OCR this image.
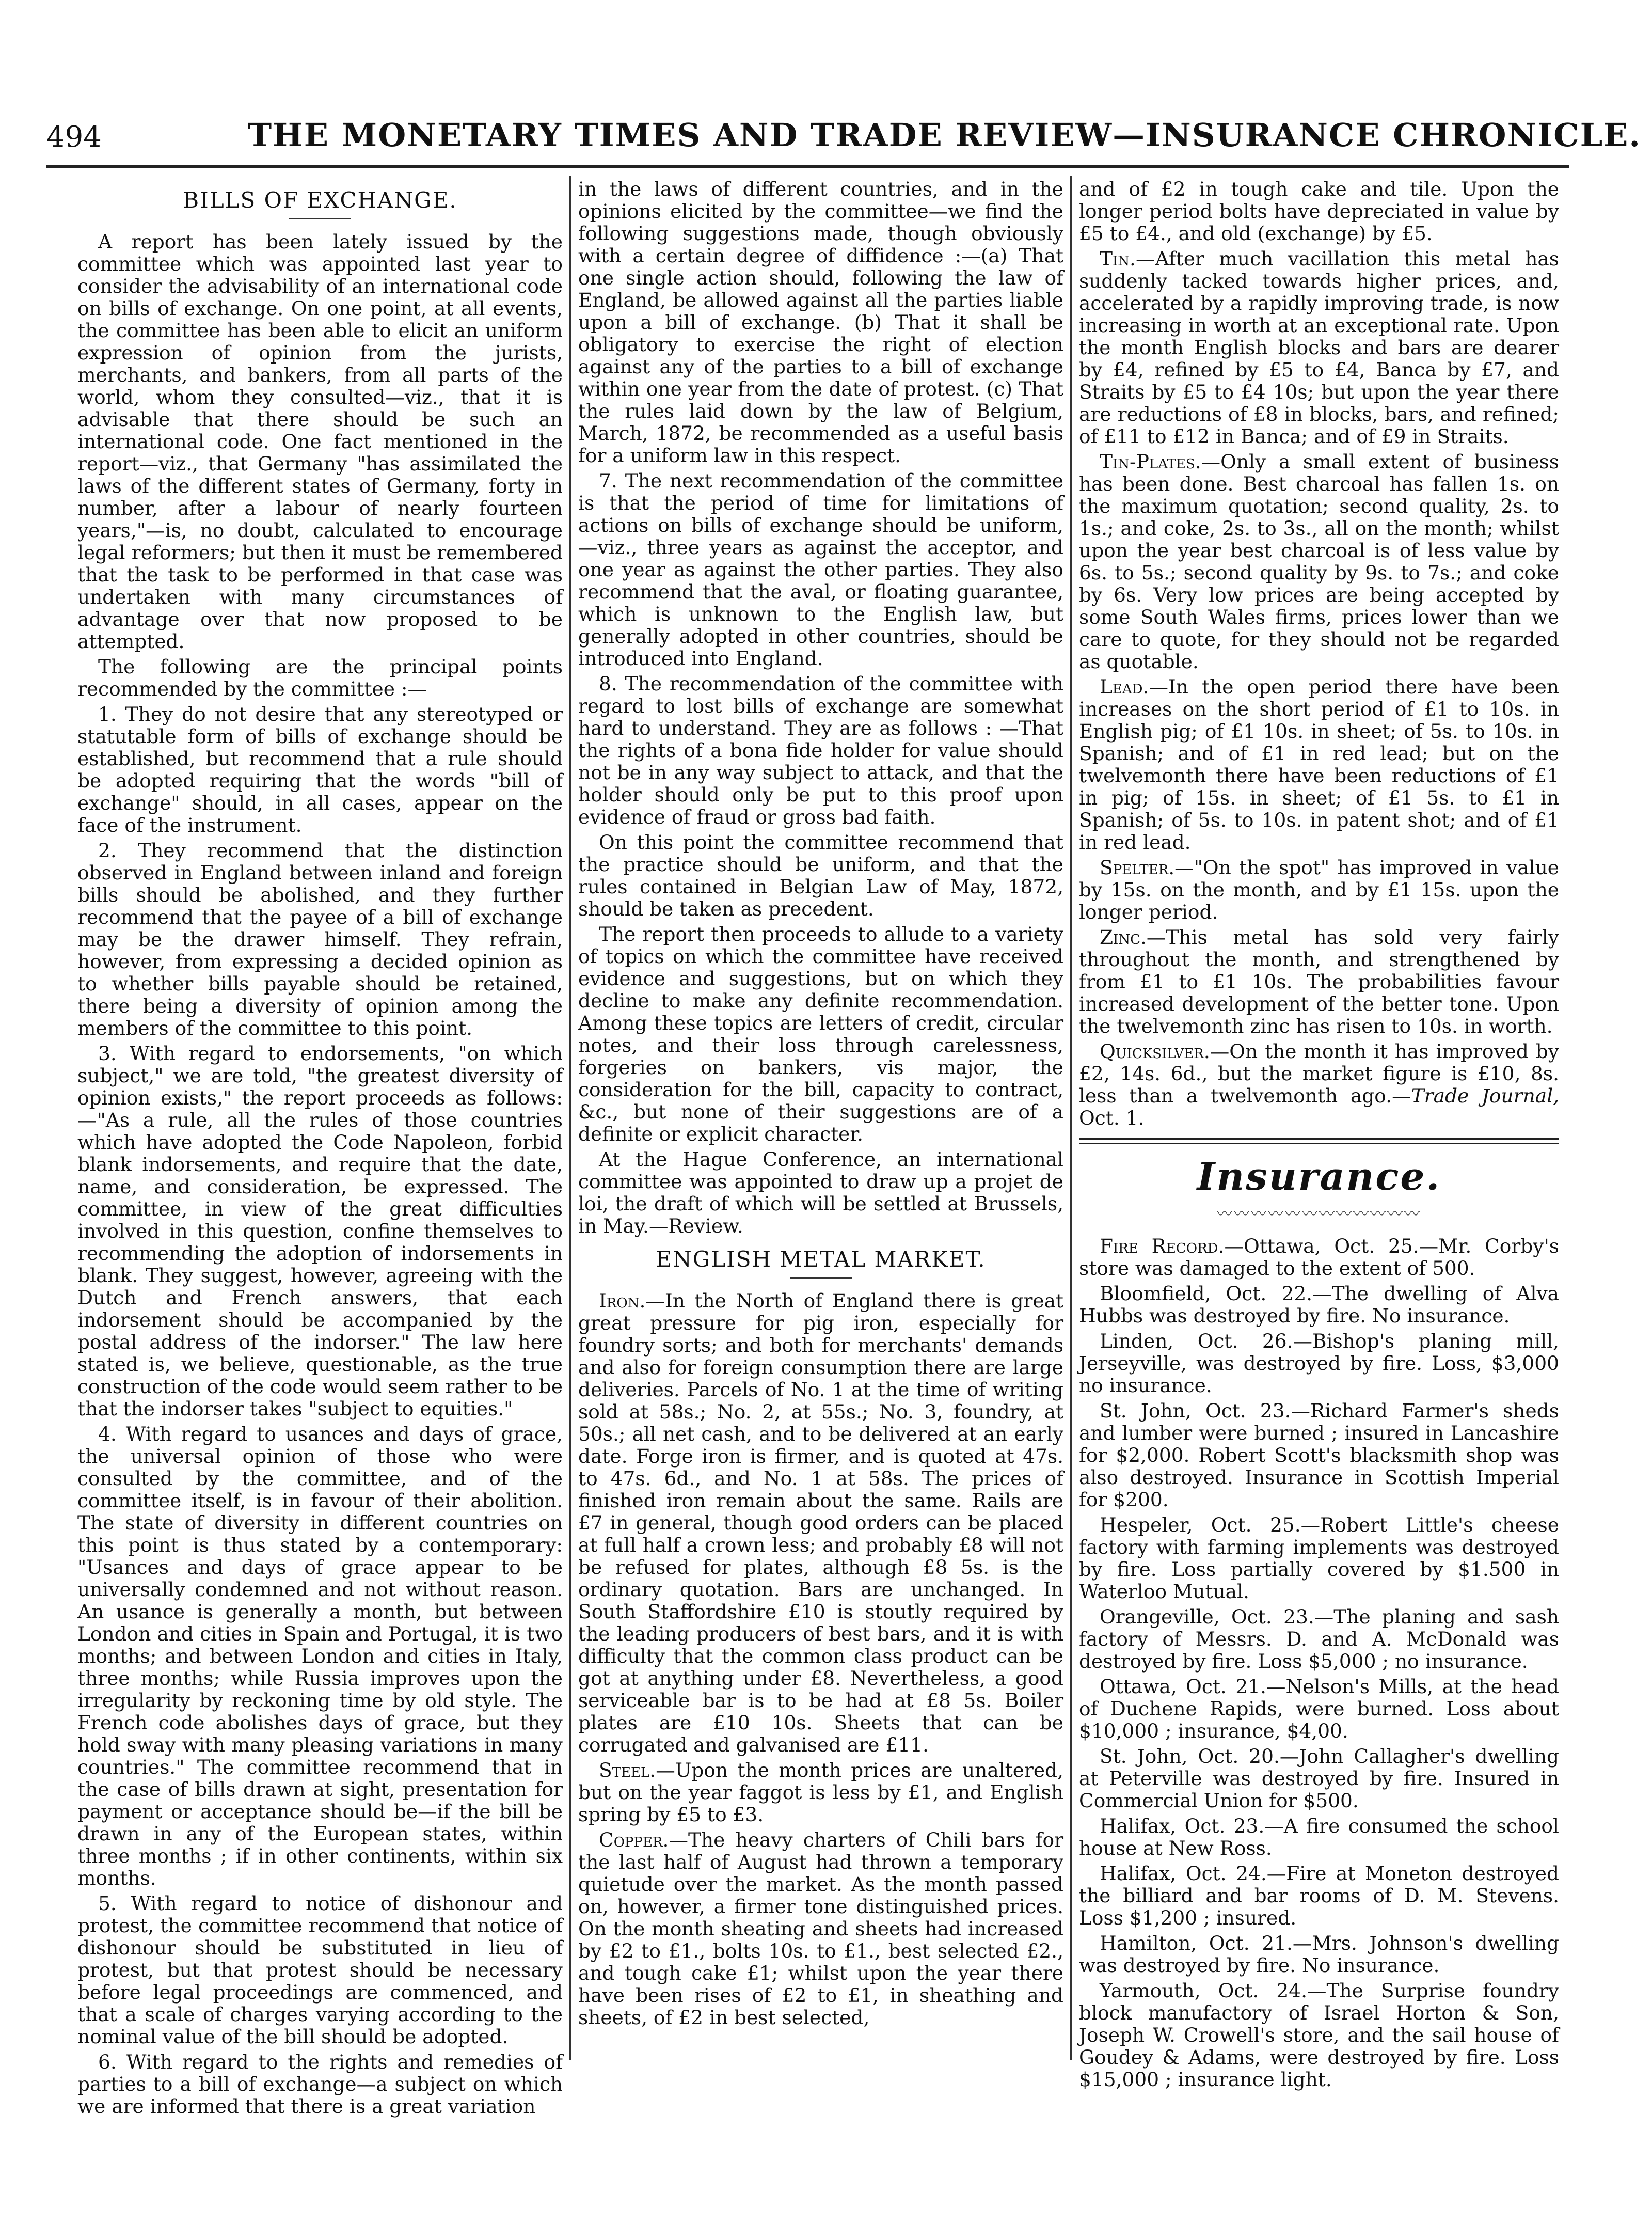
494	THE MONETARY TIMES AND TRADE REVIEW—INSURANCE CHRONICLE.
BILLS OF EXCHANGE.

A report has been lately issued by the committee which was appointed last year to consider the advisability of an international code on bills of exchange. On one point, at all events, the committee has been able to elicit an uniform expression of opinion from the jurists, merchants, and bankers, from all parts of the world, whom they consulted—viz., that it is advisable that there should be such an international code. One fact mentioned in the report—viz., that Germany "has assimilated the laws of the different states of Germany, forty in number, after a labour of nearly fourteen years,"—is, no doubt, calculated to encourage legal reformers; but then it must be remembered that the task to be performed in that case was undertaken with many circumstances of advantage over that now proposed to be attempted.

The following are the principal points recommended by the committee :—

1. They do not desire that any stereotyped or statutable form of bills of exchange should be established, but recommend that a rule should be adopted requiring that the words "bill of exchange" should, in all cases, appear on the face of the instrument.

2. They recommend that the distinction observed in England between inland and foreign bills should be abolished, and they further recommend that the payee of a bill of exchange may be the drawer himself. They refrain, however, from expressing a decided opinion as to whether bills payable should be retained, there being a diversity of opinion among the members of the committee to this point.

3. With regard to endorsements, "on which subject," we are told, "the greatest diversity of opinion exists," the report proceeds as follows:—"As a rule, all the rules of those countries which have adopted the Code Napoleon, forbid blank indorsements, and require that the date, name, and consideration, be expressed. The committee, in view of the great difficulties involved in this question, confine themselves to recommending the adoption of indorsements in blank. They suggest, however, agreeing with the Dutch and French answers, that each indorsement should be accompanied by the postal address of the indorser." The law here stated is, we believe, questionable, as the true construction of the code would seem rather to be that the indorser takes "subject to equities."

4. With regard to usances and days of grace, the universal opinion of those who were consulted by the committee, and of the committee itself, is in favour of their abolition. The state of diversity in different countries on this point is thus stated by a contemporary: "Usances and days of grace appear to be universally condemned and not without reason. An usance is generally a month, but between London and cities in Spain and Portugal, it is two months; and between London and cities in Italy, three months; while Russia improves upon the irregularity by reckoning time by old style. The French code abolishes days of grace, but they hold sway with many pleasing variations in many countries." The committee recommend that in the case of bills drawn at sight, presentation for payment or acceptance should be—if the bill be drawn in any of the European states, within three months ; if in other continents, within six months.

5. With regard to notice of dishonour and protest, the committee recommend that notice of dishonour should be substituted in lieu of protest, but that protest should be necessary before legal proceedings are commenced, and that a scale of charges varying according to the nominal value of the bill should be adopted.

6. With regard to the rights and remedies of parties to a bill of exchange—a subject on which we are informed that there is a great variation

in the laws of different countries, and in the opinions elicited by the committee—we find the following suggestions made, though obviously with a certain degree of diffidence :—(a) That one single action should, following the law of England, be allowed against all the parties liable upon a bill of exchange. (b) That it shall be obligatory to exercise the right of election against any of the parties to a bill of exchange within one year from the date of protest. (c) That the rules laid down by the law of Belgium, March, 1872, be recommended as a useful basis for a uniform law in this respect.

7. The next recommendation of the committee is that the period of time for limitations of actions on bills of exchange should be uniform, —viz., three years as against the acceptor, and one year as against the other parties. They also recommend that the aval, or floating guarantee, which is unknown to the English law, but generally adopted in other countries, should be introduced into England.

8. The recommendation of the committee with regard to lost bills of exchange are somewhat hard to understand. They are as follows : —That the rights of a bona fide holder for value should not be in any way subject to attack, and that the holder should only be put to this proof upon evidence of fraud or gross bad faith.

On this point the committee recommend that the practice should be uniform, and that the rules contained in Belgian Law of May, 1872, should be taken as precedent.

The report then proceeds to allude to a variety of topics on which the committee have received evidence and suggestions, but on which they decline to make any definite recommendation. Among these topics are letters of credit, circular notes, and their loss through carelessness, forgeries on bankers, vis major, the consideration for the bill, capacity to contract, &c., but none of their suggestions are of a definite or explicit character.

At the Hague Conference, an international committee was appointed to draw up a projet de loi, the draft of which will be settled at Brussels, in May.—Review.

ENGLISH METAL MARKET.

Iron.—In the North of England there is great great pressure for pig iron, especially for foundry sorts; and both for merchants' demands and also for foreign consumption there are large deliveries. Parcels of No. 1 at the time of writing sold at 58s.; No. 2, at 55s.; No. 3, foundry, at 50s.; all net cash, and to be delivered at an early date. Forge iron is firmer, and is quoted at 47s. to 47s. 6d., and No. 1 at 58s. The prices of finished iron remain about the same. Rails are £7 in general, though good orders can be placed at full half a crown less; and probably £8 will not be refused for plates, although £8 5s. is the ordinary quotation. Bars are unchanged. In South Staffordshire £10 is stoutly required by the leading producers of best bars, and it is with difficulty that the common class product can be got at anything under £8. Nevertheless, a good serviceable bar is to be had at £8 5s. Boiler plates are £10 10s. Sheets that can be corrugated and galvanised are £11.

Steel.—Upon the month prices are unaltered, but on the year faggot is less by £1, and English spring by £5 to £3.

Copper.—The heavy charters of Chili bars for the last half of August had thrown a temporary quietude over the market. As the month passed on, however, a firmer tone distinguished prices. On the month sheating and sheets had increased by £2 to £1., bolts 10s. to £1., best selected £2., and tough cake £1; whilst upon the year there have been rises of £2 to £1, in sheathing and sheets, of £2 in best selected,

and of £2 in tough cake and tile. Upon the longer period bolts have depreciated in value by £5 to £4., and old (exchange) by £5.

Tin.—After much vacillation this metal has suddenly tacked towards higher prices, and, accelerated by a rapidly improving trade, is now increasing in worth at an exceptional rate. Upon the month English blocks and bars are dearer by £4, refined by £5 to £4, Banca by £7, and Straits by £5 to £4 10s; but upon the year there are reductions of £8 in blocks, bars, and refined; of £11 to £12 in Banca; and of £9 in Straits.

Tin-Plates.—Only a small extent of business has been done. Best charcoal has fallen 1s. on the maximum quotation; second quality, 2s. to 1s.; and coke, 2s. to 3s., all on the month; whilst upon the year best charcoal is of less value by 6s. to 5s.; second quality by 9s. to 7s.; and coke by 6s. Very low prices are being accepted by some South Wales firms, prices lower than we care to quote, for they should not be regarded as quotable.

Lead.—In the open period there have been increases on the short period of £1 to 10s. in English pig; of £1 10s. in sheet; of 5s. to 10s. in Spanish; and of £1 in red lead; but on the twelvemonth there have been reductions of £1 in pig; of 15s. in sheet; of £1 5s. to £1 in Spanish; of 5s. to 10s. in patent shot; and of £1 in red lead.

Spelter.—"On the spot" has improved in value by 15s. on the month, and by £1 15s. upon the longer period.

Zinc.—This metal has sold very fairly throughout the month, and strengthened by from £1 to £1 10s. The probabilities favour increased development of the better tone. Upon the twelvemonth zinc has risen to 10s. in worth.

Quicksilver.—On the month it has improved by £2, 14s. 6d., but the market figure is £10, 8s. less than a twelvemonth ago.—Trade Journal, Oct. 1.

Insurance.
〰〰〰〰〰〰〰〰〰〰〰〰

Fire Record.—Ottawa, Oct. 25.—Mr. Corby's store was damaged to the extent of 500.

Bloomfield, Oct. 22.—The dwelling of Alva Hubbs was destroyed by fire. No insurance.

Linden, Oct. 26.—Bishop's planing mill, Jerseyville, was destroyed by fire. Loss, $3,000 no insurance.

St. John, Oct. 23.—Richard Farmer's sheds and lumber were burned ; insured in Lancashire for $2,000. Robert Scott's blacksmith shop was also destroyed. Insurance in Scottish Imperial for $200.

Hespeler, Oct. 25.—Robert Little's cheese factory with farming implements was destroyed by fire. Loss partially covered by $1.500 in Waterloo Mutual.

Orangeville, Oct. 23.—The planing and sash factory of Messrs. D. and A. McDonald was destroyed by fire. Loss $5,000 ; no insurance.

Ottawa, Oct. 21.—Nelson's Mills, at the head of Duchene Rapids, were burned. Loss about $10,000 ; insurance, $4,00.

St. John, Oct. 20.—John Callagher's dwelling at Peterville was destroyed by fire. Insured in Commercial Union for $500.

Halifax, Oct. 23.—A fire consumed the school house at New Ross.

Halifax, Oct. 24.—Fire at Moneton destroyed the billiard and bar rooms of D. M. Stevens. Loss $1,200 ; insured.

Hamilton, Oct. 21.—Mrs. Johnson's dwelling was destroyed by fire. No insurance.

Yarmouth, Oct. 24.—The Surprise foundry block manufactory of Israel Horton & Son, Joseph W. Crowell's store, and the sail house of Goudey & Adams, were destroyed by fire. Loss $15,000 ; insurance light.
